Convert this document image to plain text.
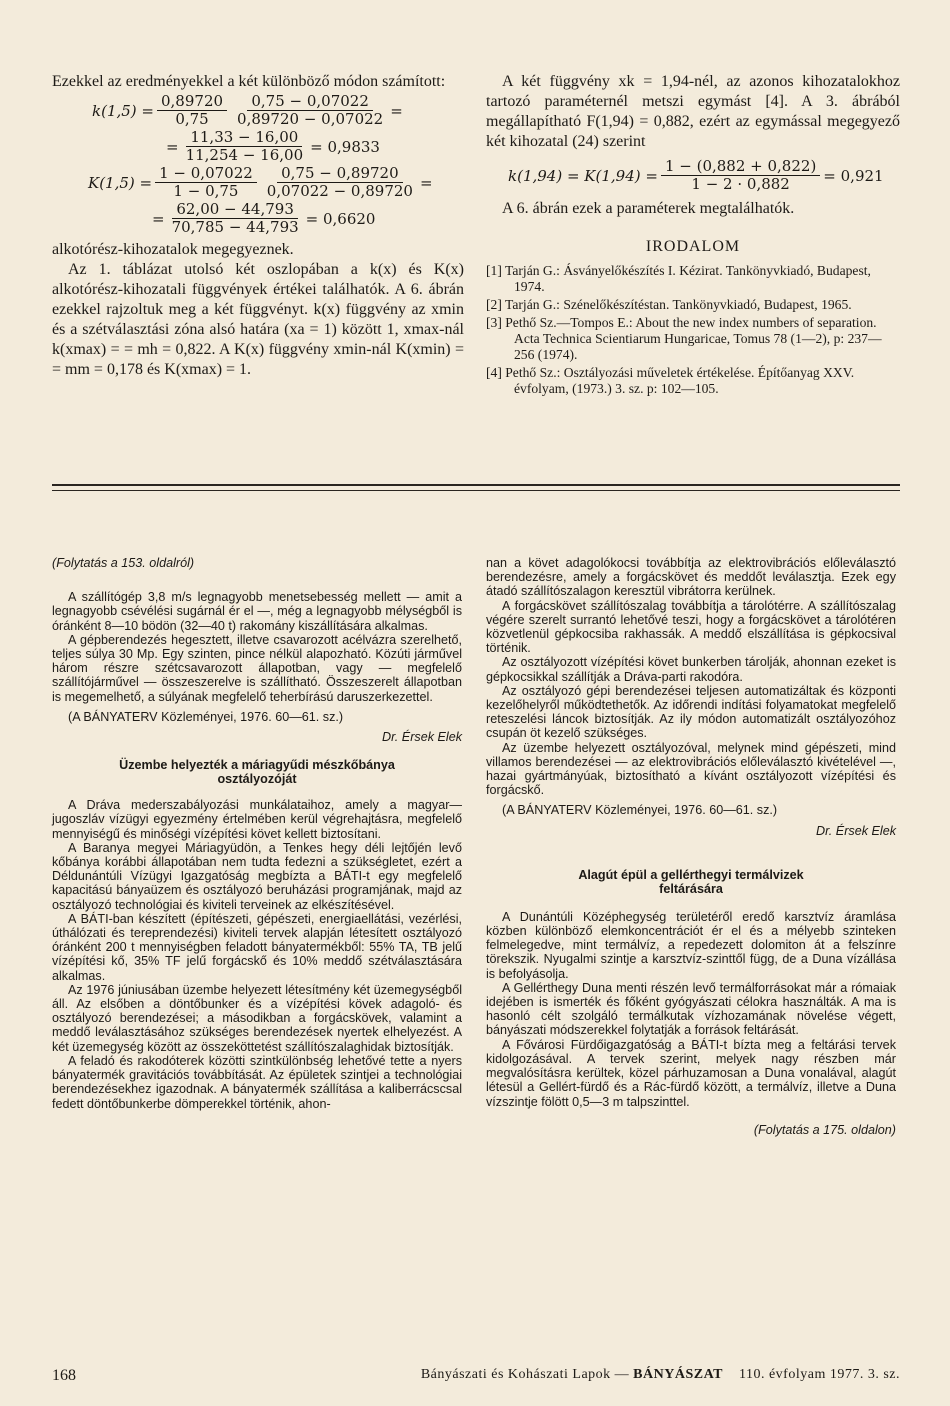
Ezekkel az eredményekkel a két különböző módon számított:

$k(1,5) = \frac{0,89720}{0,75} \frac{0,75 - 0,07022}{0,89720 - 0,07022}$ =
= $\frac{11,33 - 16,00}{11,254 - 16,00} = 0,9833$
$K(1,5) = \frac{1 - 0,07022}{1 - 0,75} \frac{0,75 - 0,89720}{0,07022 - 0,89720}$ =
= $\frac{62,00 - 44,793}{70,785 - 44,793} = 0,6620$

alkotórész-kihozatalok megegyeznek.

Az 1. táblázat utolsó két oszlopában a k(x) és K(x) alkotórész-kihozatali függvények értékei találhatók. A 6. ábrán ezekkel rajzoltuk meg a két függvényt. k(x) függvény az xmin és a szétválasztási zóna alsó határa (xa = 1) között 1, xmax-nál k(xmax) = = mh = 0,822. A K(x) függvény xmin-nál K(xmin) = = mm = 0,178 és K(xmax) = 1.

A két függvény xk = 1,94-nél, az azonos kihozatalokhoz tartozó paraméternél metszi egymást [4]. A 3. ábrából megállapítható F(1,94) = 0,882, ezért az egymással megegyező két kihozatal (24) szerint

$k(1,94) = K(1,94) = \frac{1 - (0,882 + 0,822)}{1 - 2 \cdot 0,882} = 0,921$

A 6. ábrán ezek a paraméterek megtalálhatók.

IRODALOM

[1] Tarján G.: Ásványelőkészítés I. Kézirat. Tankönyvkiadó, Budapest, 1974.

[2] Tarján G.: Szénelőkészítéstan. Tankönyvkiadó, Budapest, 1965.

[3] Pethő Sz.—Tompos E.: About the new index numbers of separation. Acta Technica Scientiarum Hungaricae, Tomus 78 (1—2), p: 237—256 (1974).

[4] Pethő Sz.: Osztályozási műveletek értékelése. Építőanyag XXV. évfolyam, (1973.) 3. sz. p: 102—105.

(Folytatás a 153. oldalról)

A szállítógép 3,8 m/s legnagyobb menetsebesség mellett — amit a legnagyobb csévélési sugárnál ér el —, még a legnagyobb mélységből is óránként 8—10 bödön (32—40 t) rakomány kiszállítására alkalmas.

A gépberendezés hegesztett, illetve csavarozott acélvázra szerelhető, teljes súlya 30 Mp. Egy szinten, pince nélkül alapozható. Közúti járművel három részre szétcsavarozott állapotban, vagy — megfelelő szállítójárművel — összeszerelve is szállítható. Összeszerelt állapotban is megemelhető, a súlyának megfelelő teherbírású daruszerkezettel.

(A BÁNYATERV Közleményei, 1976. 60—61. sz.)

Dr. Érsek Elek

Üzembe helyezték a máriagyűdi mészkőbánya osztályozóját

A Dráva mederszabályozási munkálataihoz, amely a magyar—jugoszláv vízügyi egyezmény értelmében kerül végrehajtásra, megfelelő mennyiségű és minőségi vízépítési követ kellett biztosítani.

A Baranya megyei Máriagyüdön, a Tenkes hegy déli lejtőjén levő kőbánya korábbi állapotában nem tudta fedezni a szükségletet, ezért a Déldunántúli Vízügyi Igazgatóság megbízta a BÁTI-t egy megfelelő kapacitású bányaüzem és osztályozó beruházási programjának, majd az osztályozó technológiai és kiviteli terveinek az elkészítésével.

A BÁTI-ban készített (építészeti, gépészeti, energiaellátási, vezérlési, úthálózati és tereprendezési) kiviteli tervek alapján létesített osztályozó óránként 200 t mennyiségben feladott bányatermékből: 55% TA, TB jelű vízépítési kő, 35% TF jelű forgácskő és 10% meddő szétválasztására alkalmas.

Az 1976 júniusában üzembe helyezett létesítmény két üzemegységből áll. Az elsőben a döntőbunker és a vízépítési kövek adagoló- és osztályozó berendezései; a másodikban a forgácskövek, valamint a meddő leválasztásához szükséges berendezések nyertek elhelyezést. A két üzemegység között az összeköttetést szállítószalaghidak biztosítják.

A feladó és rakodóterek közötti szintkülönbség lehetővé tette a nyers bányatermék gravitációs továbbítását. Az épületek szintjei a technológiai berendezésekhez igazodnak. A bányatermék szállítása a kaliberrácscsal fedett döntőbunkerbe dömperekkel történik, ahon-

nan a követ adagolókocsi továbbítja az elektrovibrációs előleválasztó berendezésre, amely a forgácskövet és meddőt leválasztja. Ezek egy átadó szállítószalagon keresztül vibrátorra kerülnek.

A forgácskövet szállítószalag továbbítja a tárolótérre. A szállítószalag végére szerelt surrantó lehetővé teszi, hogy a forgácskövet a tárolótéren közvetlenül gépkocsiba rakhassák. A meddő elszállítása is gépkocsival történik.

Az osztályozott vízépítési követ bunkerben tárolják, ahonnan ezeket is gépkocsikkal szállítják a Dráva-parti rakodóra.

Az osztályozó gépi berendezései teljesen automatizáltak és központi kezelőhelyről működtethetők. Az időrendi indítási folyamatokat megfelelő reteszelési láncok biztosítják. Az ily módon automatizált osztályozóhoz csupán öt kezelő szükséges.

Az üzembe helyezett osztályozóval, melynek mind gépészeti, mind villamos berendezései — az elektrovibrációs előleválasztó kivételével —, hazai gyártmányúak, biztosítható a kívánt osztályozott vízépítési és forgácskő.

(A BÁNYATERV Közleményei, 1976. 60—61. sz.)

Dr. Érsek Elek

Alagút épül a gellérthegyi termálvizek feltárására

A Dunántúli Középhegység területéről eredő karsztvíz áramlása közben különböző elemkoncentrációt ér el és a mélyebb szinteken felmelegedve, mint termálvíz, a repedezett dolomiton át a felszínre törekszik. Nyugalmi szintje a karsztvíz-szinttől függ, de a Duna vízállása is befolyásolja.

A Gellérthegy Duna menti részén levő termálforrásokat már a rómaiak idejében is ismerték és főként gyógyászati célokra használták. A ma is hasonló célt szolgáló termálkutak vízhozamának növelése végett, bányászati módszerekkel folytatják a források feltárását.

A Fővárosi Fürdőigazgatóság a BÁTI-t bízta meg a feltárási tervek kidolgozásával. A tervek szerint, melyek nagy részben már megvalósításra kerültek, közel párhuzamosan a Duna vonalával, alagút létesül a Gellért-fürdő és a Rác-fürdő között, a termálvíz, illetve a Duna vízszintje fölött 0,5—3 m talpszinttel.

(Folytatás a 175. oldalon)

168	Bányászati és Kohászati Lapok — BÁNYÁSZAT 110. évfolyam 1977. 3. sz.
